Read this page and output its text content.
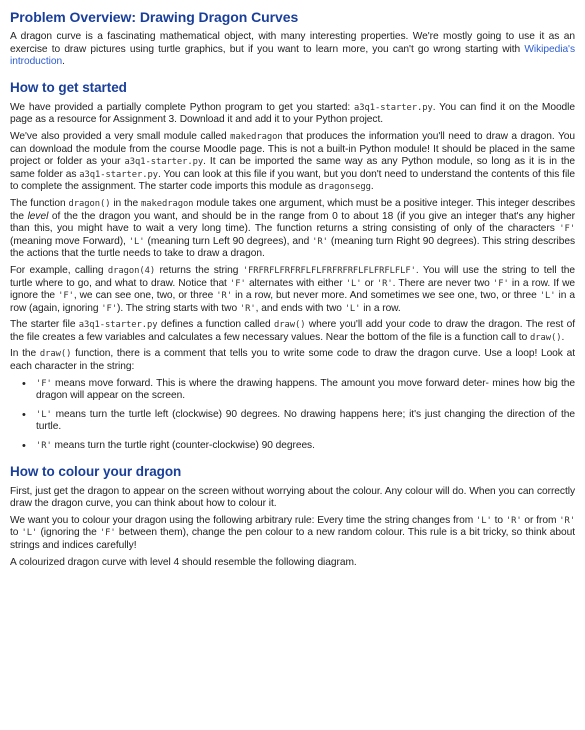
Problem Overview: Drawing Dragon Curves

A dragon curve is a fascinating mathematical object, with many interesting properties. We're mostly going to use it as an exercise to draw pictures using turtle graphics, but if you want to learn more, you can't go wrong starting with Wikipedia's introduction.

How to get started

We have provided a partially complete Python program to get you started: a3q1-starter.py. You can find it on the Moodle page as a resource for Assignment 3. Download it and add it to your Python project.

We've also provided a very small module called makedragon that produces the information you'll need to draw a dragon. You can download the module from the course Moodle page. This is not a built-in Python module! It should be placed in the same project or folder as your a3q1-starter.py. It can be imported the same way as any Python module, so long as it is in the same folder as a3q1-starter.py. You can look at this file if you want, but you don't need to understand the contents of this file to complete the assignment. The starter code imports this module as dragonsegg.

The function dragon() in the makedragon module takes one argument, which must be a positive integer. This integer describes the level of the the dragon you want, and should be in the range from 0 to about 18 (if you give an integer that's any higher than this, you might have to wait a very long time). The function returns a string consisting of only of the characters 'F' (meaning move Forward), 'L' (meaning turn Left 90 degrees), and 'R' (meaning turn Right 90 degrees). This string describes the actions that the turtle needs to take to draw a dragon.

For example, calling dragon(4) returns the string 'FRFRFLFRFRFLFLFRFRFRFLFLFRFLFLF'. You will use the string to tell the turtle where to go, and what to draw. Notice that 'F' alternates with either 'L' or 'R'. There are never two 'F' in a row. If we ignore the 'F', we can see one, two, or three 'R' in a row, but never more. And sometimes we see one, two, or three 'L' in a row (again, ignoring 'F'). The string starts with two 'R', and ends with two 'L' in a row.

The starter file a3q1-starter.py defines a function called draw() where you'll add your code to draw the dragon. The rest of the file creates a few variables and calculates a few necessary values. Near the bottom of the file is a function call to draw().

In the draw() function, there is a comment that tells you to write some code to draw the dragon curve. Use a loop! Look at each character in the string:

• 'F' means move forward. This is where the drawing happens. The amount you move forward deter- mines how big the dragon will appear on the screen.
• 'L' means turn the turtle left (clockwise) 90 degrees. No drawing happens here; it's just changing the direction of the turtle.
• 'R' means turn the turtle right (counter-clockwise) 90 degrees.
How to colour your dragon

First, just get the dragon to appear on the screen without worrying about the colour. Any colour will do. When you can correctly draw the dragon curve, you can think about how to colour it.

We want you to colour your dragon using the following arbitrary rule: Every time the string changes from 'L' to 'R' or from 'R' to 'L' (ignoring the 'F' between them), change the pen colour to a new random colour. This rule is a bit tricky, so think about strings and indices carefully!

A colourized dragon curve with level 4 should resemble the following diagram.
